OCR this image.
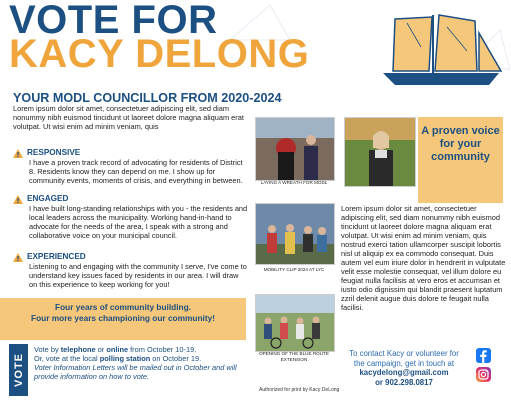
VOTE FOR
KACY DELONG
YOUR MODL COUNCILLOR FROM 2020-2024
Lorem ipsum dolor sit amet, consectetuer adipiscing elit, sed diam nonummy nibh euismod tincidunt ut laoreet dolore magna aliquam erat volutpat. Ut wisi enim ad minim veniam, quis
RESPONSIVE
I have a proven track record of advocating for residents of District 8. Residents know they can depend on me. I show up for community events, moments of crisis, and everything in between.
ENGAGED
I have built long-standing relationships with you - the residents and local leaders across the municipality. Working hand-in-hand to advocate for the needs of the area, I speak with a strong and collaborative voice on your municipal council.
EXPERIENCED
Listening to and engaging with the community I serve, I've come to understand key issues faced by residents in our area. I will draw on this experience to keep working for you!
Four years of community building.
Four more years championing our community!
VOTE
Vote by telephone or online from October 10-19.
Or, vote at the local polling station on October 19.
Voter Information Letters will be mailed out in October and will provide information on how to vote.
LAYING A WREATH FOR MODL
MOBILITY CLIP 2024 AT LYC
OPENING OF THE BLUE ROUTE EXTENSION
Authorized for print by Kacy DeLong
A proven voice for your community
Lorem ipsum dolor sit amet, consectetuer adipiscing elit, sed diam nonummy nibh euismod tincidunt ut laoreet dolore magna aliquam erat volutpat. Ut wisi enim ad minim veniam, quis nostrud exerci tation ullamcorper suscipit lobortis nisl ut aliquip ex ea commodo consequat. Duis autem vel eum iriure dolor in hendrerit in vulputate velit esse molestie consequat, vel illum dolore eu feugiat nulla facilisis at vero eros et accumsan et iusto odio dignissim qui blandit praesent luptatum zzril delenit augue duis dolore te feugait nulla facilisi.
To contact Kacy or volunteer for
the campaign, get in touch at
kacydelong@gmail.com
or 902.298.0817
